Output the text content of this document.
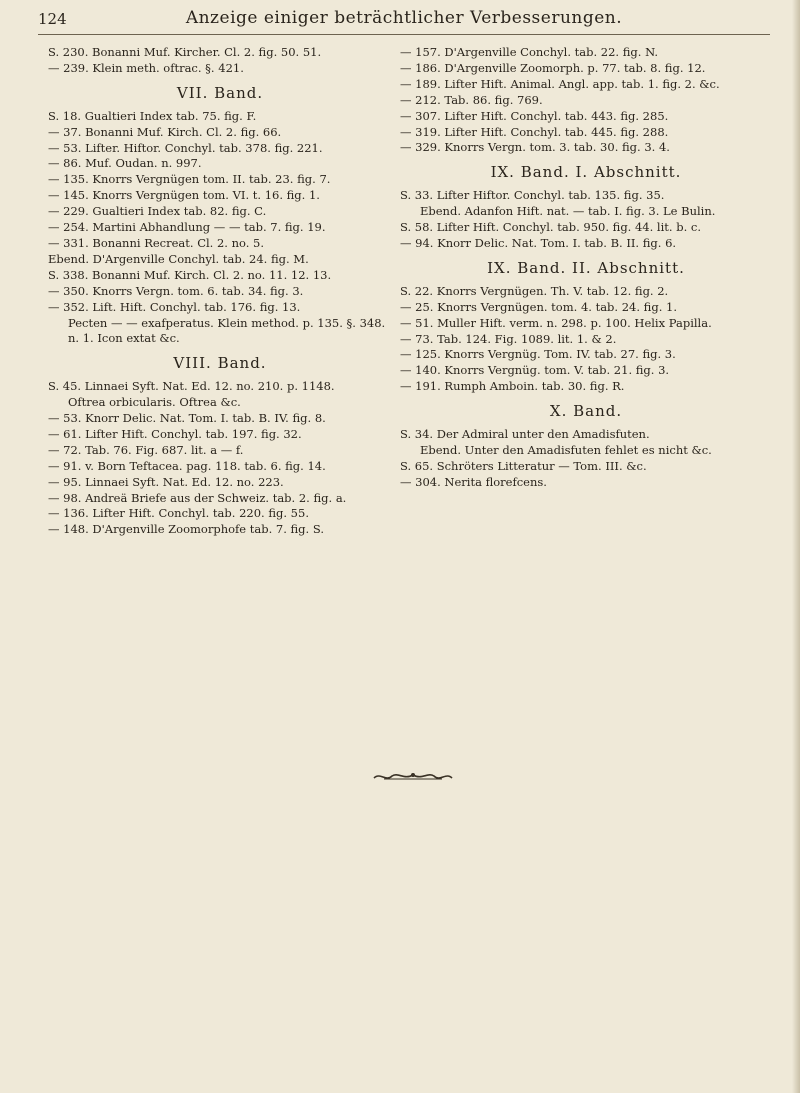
124	Anzeige einiger beträchtlicher Verbesserungen.
S. 230. Bonanni Muf. Kircher. Cl. 2. fig. 50. 51.
— 239. Klein meth. oftrac. §. 421.
VII. Band.
S. 18. Gualtieri Index tab. 75. fig. F.
— 37. Bonanni Muf. Kirch. Cl. 2. fig. 66.
— 53. Lifter. Hiftor. Conchyl. tab. 378. fig. 221.
— 86. Muf. Oudan. n. 997.
— 135. Knorrs Vergnügen tom. II. tab. 23. fig. 7.
— 145. Knorrs Vergnügen tom. VI. t. 16. fig. 1.
— 229. Gualtieri Index tab. 82. fig. C.
— 254. Martini Abhandlung — — tab. 7. fig. 19.
— 331. Bonanni Recreat. Cl. 2. no. 5.
Ebend. D'Argenville Conchyl. tab. 24. fig. M.
S. 338. Bonanni Muf. Kirch. Cl. 2. no. 11. 12. 13.
— 350. Knorrs Vergn. tom. 6. tab. 34. fig. 3.
— 352. Lift. Hift. Conchyl. tab. 176. fig. 13.
Pecten — — exafperatus. Klein method. p. 135. §. 348. n. 1. Icon extat &c.
VIII. Band.
S. 45. Linnaei Syft. Nat. Ed. 12. no. 210. p. 1148.
Oftrea orbicularis. Oftrea &c.
— 53. Knorr Delic. Nat. Tom. I. tab. B. IV. fig. 8.
— 61. Lifter Hift. Conchyl. tab. 197. fig. 32.
— 72. Tab. 76. Fig. 687. lit. a — f.
— 91. v. Born Teftacea. pag. 118. tab. 6. fig. 14.
— 95. Linnaei Syft. Nat. Ed. 12. no. 223.
— 98. Andreä Briefe aus der Schweiz. tab. 2. fig. a.
— 136. Lifter Hift. Conchyl. tab. 220. fig. 55.
— 148. D'Argenville Zoomorphofe tab. 7. fig. S.
— 157. D'Argenville Conchyl. tab. 22. fig. N.
— 186. D'Argenville Zoomorph. p. 77. tab. 8. fig. 12.
— 189. Lifter Hift. Animal. Angl. app. tab. 1. fig. 2. &c.
— 212. Tab. 86. fig. 769.
— 307. Lifter Hift. Conchyl. tab. 443. fig. 285.
— 319. Lifter Hift. Conchyl. tab. 445. fig. 288.
— 329. Knorrs Vergn. tom. 3. tab. 30. fig. 3. 4.
IX. Band. I. Abschnitt.
S. 33. Lifter Hiftor. Conchyl. tab. 135. fig. 35.
Ebend. Adanfon Hift. nat. — tab. I. fig. 3. Le Bulin.
S. 58. Lifter Hift. Conchyl. tab. 950. fig. 44. lit. b. c.
— 94. Knorr Delic. Nat. Tom. I. tab. B. II. fig. 6.
IX. Band. II. Abschnitt.
S. 22. Knorrs Vergnügen. Th. V. tab. 12. fig. 2.
— 25. Knorrs Vergnügen. tom. 4. tab. 24. fig. 1.
— 51. Muller Hift. verm. n. 298. p. 100. Helix Papilla.
— 73. Tab. 124. Fig. 1089. lit. 1. & 2.
— 125. Knorrs Vergnüg. Tom. IV. tab. 27. fig. 3.
— 140. Knorrs Vergnüg. tom. V. tab. 21. fig. 3.
— 191. Rumph Amboin. tab. 30. fig. R.
X. Band.
S. 34. Der Admiral unter den Amadisfuten.
Ebend. Unter den Amadisfuten fehlet es nicht &c.
S. 65. Schröters Litteratur — Tom. III. &c.
— 304. Nerita florefcens.
